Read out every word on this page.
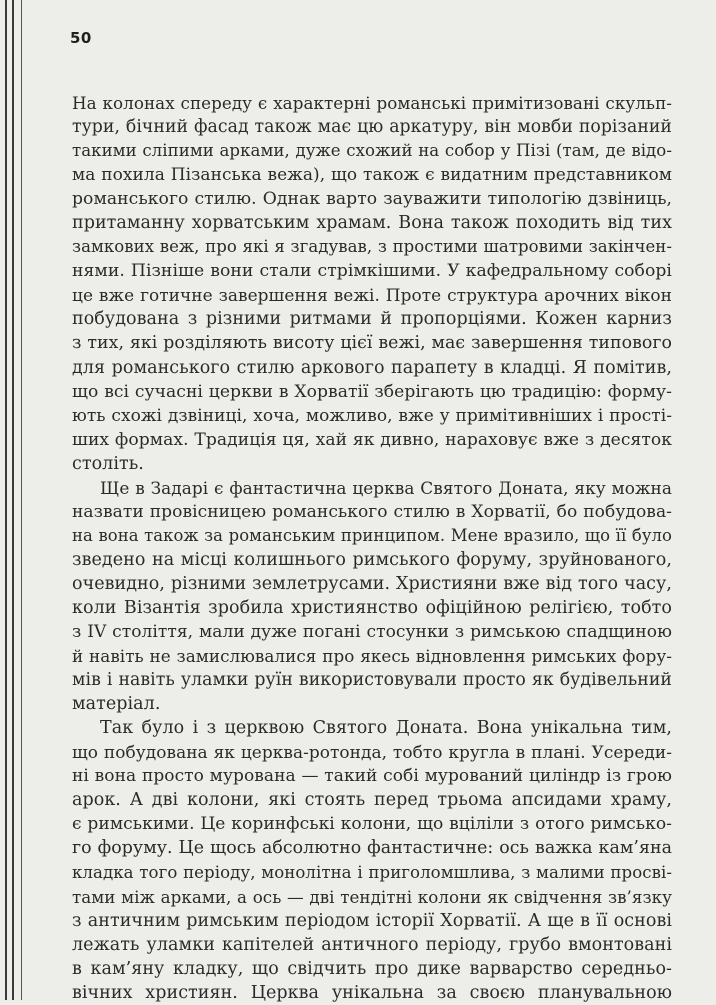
50
На колонах спереду є характерні романські примітизовані скульп-
тури, бічний фасад також має цю аркатуру, він мовби порізаний
такими сліпими арками, дуже схожий на собор у Пізі (там, де відо-
ма похила Пізанська вежа), що також є видатним представником
романського стилю. Однак варто зауважити типологію дзвіниць,
притаманну хорватським храмам. Вона також походить від тих
замкових веж, про які я згадував, з простими шатровими закінчен-
нями. Пізніше вони стали стрімкішими. У кафедральному соборі
це вже готичне завершення вежі. Проте структура арочних вікон
побудована з різними ритмами й пропорціями. Кожен карниз
з тих, які розділяють висоту цієї вежі, має завершення типового
для романського стилю аркового парапету в кладці. Я помітив,
що всі сучасні церкви в Хорватії зберігають цю традицію: форму-
ють схожі дзвіниці, хоча, можливо, вже у примітивніших і прості-
ших формах. Традиція ця, хай як дивно, нараховує вже з десяток
століть.
Ще в Задарі є фантастична церква Святого Доната, яку можна
назвати провісницею романського стилю в Хорватії, бо побудова-
на вона також за романським принципом. Мене вразило, що її було
зведено на місці колишнього римського форуму, зруйнованого,
очевидно, різними землетрусами. Християни вже від того часу,
коли Візантія зробила християнство офіційною релігією, тобто
з IV століття, мали дуже погані стосунки з римською спадщиною
й навіть не замислювалися про якесь відновлення римських фору-
мів і навіть уламки руїн використовували просто як будівельний
матеріал.
Так було і з церквою Святого Доната. Вона унікальна тим,
що побудована як церква-ротонда, тобто кругла в плані. Усереди-
ні вона просто мурована — такий собі мурований циліндр із грою
арок. А дві колони, які стоять перед трьома апсидами храму,
є римськими. Це коринфські колони, що вціліли з отого римсько-
го форуму. Це щось абсолютно фантастичне: ось важка кам’яна
кладка того періоду, монолітна і приголомшлива, з малими просві-
тами між арками, а ось — дві тендітні колони як свідчення зв’язку
з античним римським періодом історії Хорватії. А ще в її основі
лежать уламки капітелей античного періоду, грубо вмонтовані
в кам’яну кладку, що свідчить про дике варварство середньо-
вічних християн. Церква унікальна за своєю планувальною
